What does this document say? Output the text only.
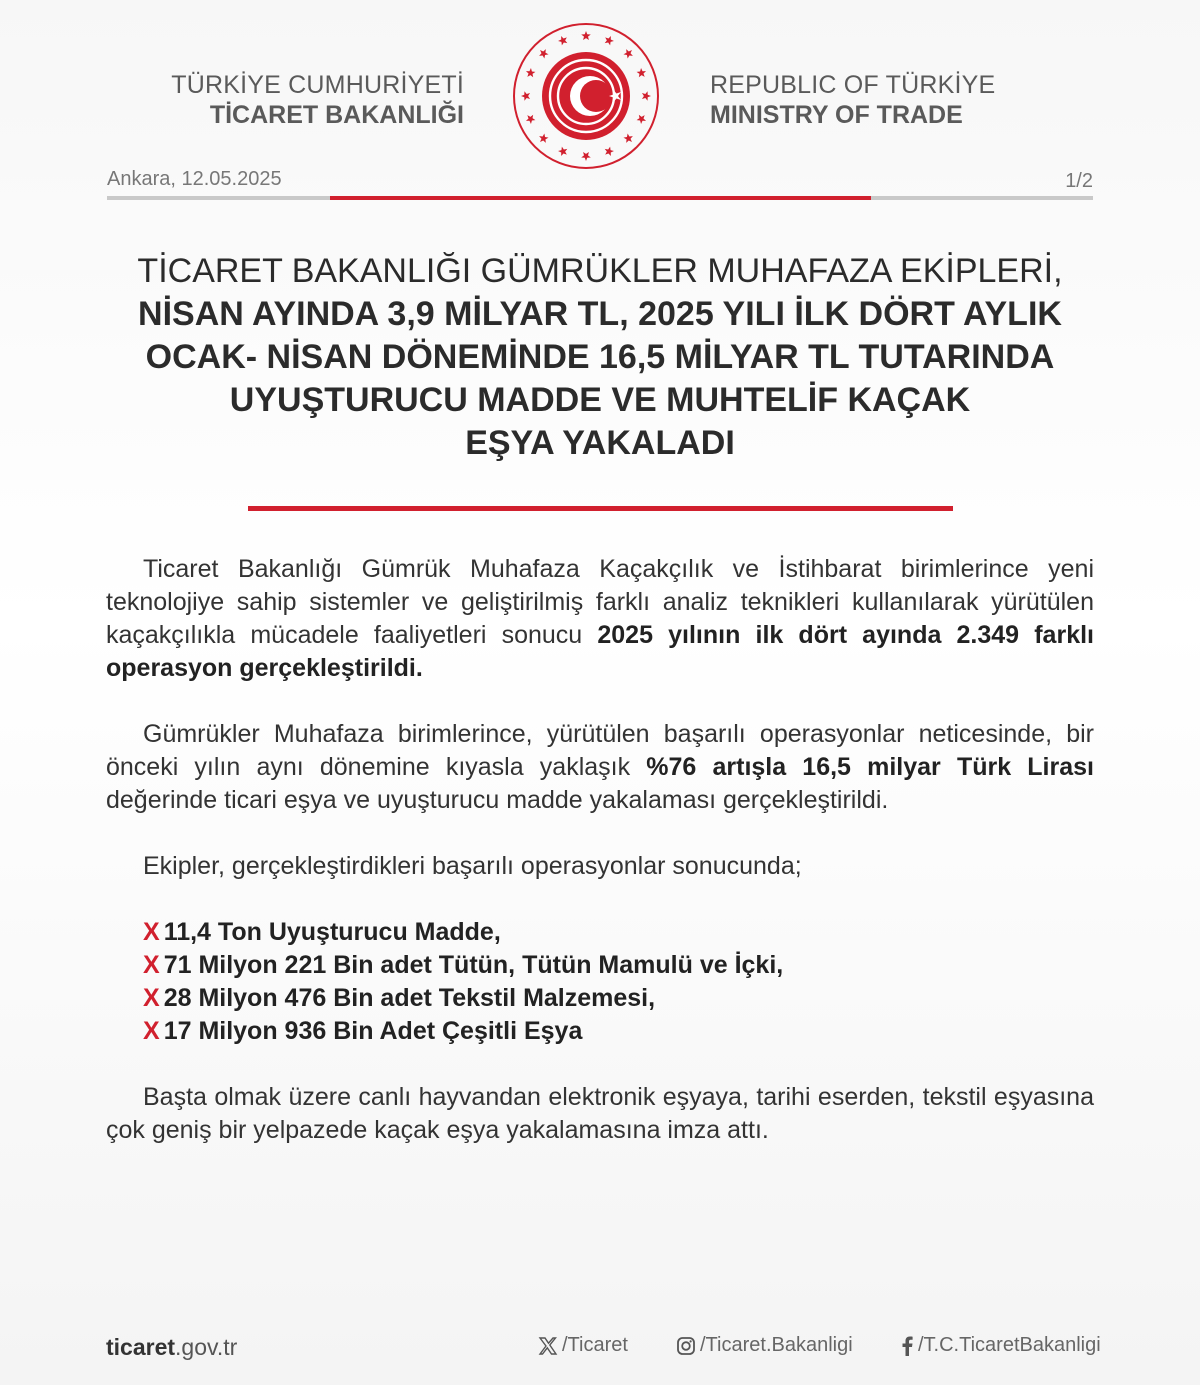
TÜRKİYE CUMHURİYETİ
TİCARET BAKANLIĞI
REPUBLIC OF TÜRKİYE
MINISTRY OF TRADE
Ankara, 12.05.2025	1/2
TİCARET BAKANLIĞI GÜMRÜKLER MUHAFAZA EKİPLERİ,
NİSAN AYINDA 3,9 MİLYAR TL, 2025 YILI İLK DÖRT AYLIK
OCAK- NİSAN DÖNEMİNDE 16,5 MİLYAR TL TUTARINDA
UYUŞTURUCU MADDE VE MUHTELİF KAÇAK
EŞYA YAKALADI

Ticaret Bakanlığı Gümrük Muhafaza Kaçakçılık ve İstihbarat birimlerince yeni teknolojiye sahip sistemler ve geliştirilmiş farklı analiz teknikleri kullanılarak yürütülen kaçakçılıkla mücadele faaliyetleri sonucu 2025 yılının ilk dört ayında 2.349 farklı operasyon gerçekleştirildi.

Gümrükler Muhafaza birimlerince, yürütülen başarılı operasyonlar neticesinde, bir önceki yılın aynı dönemine kıyasla yaklaşık %76 artışla 16,5 milyar Türk Lirası değerinde ticari eşya ve uyuşturucu madde yakalaması gerçekleştirildi.

Ekipler, gerçekleştirdikleri başarılı operasyonlar sonucunda;

X 11,4 Ton Uyuşturucu Madde,
X 71 Milyon 221 Bin adet Tütün, Tütün Mamulü ve İçki,
X 28 Milyon 476 Bin adet Tekstil Malzemesi,
X 17 Milyon 936 Bin Adet Çeşitli Eşya

Başta olmak üzere canlı hayvandan elektronik eşyaya, tarihi eserden, tekstil eşyasına çok geniş bir yelpazede kaçak eşya yakalamasına imza attı.

ticaret.gov.tr	/Ticaret	/Ticaret.Bakanligi	/T.C.TicaretBakanligi
